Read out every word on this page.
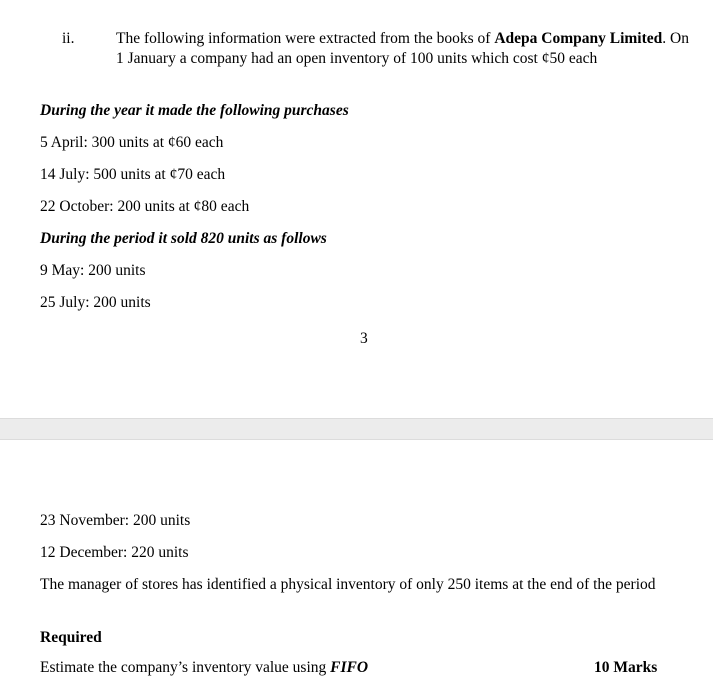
ii.	The following information were extracted from the books of Adepa Company Limited. On 1 January a company had an open inventory of 100 units which cost ¢50 each
During the year it made the following purchases
5 April: 300 units at ¢60 each
14 July: 500 units at ¢70 each
22 October: 200 units at ¢80 each
During the period it sold 820 units as follows
9 May: 200 units
25 July: 200 units
3
23 November: 200 units
12 December: 220 units
The manager of stores has identified a physical inventory of only 250 items at the end of the period
Required
Estimate the company’s inventory value using FIFO	10 Marks
